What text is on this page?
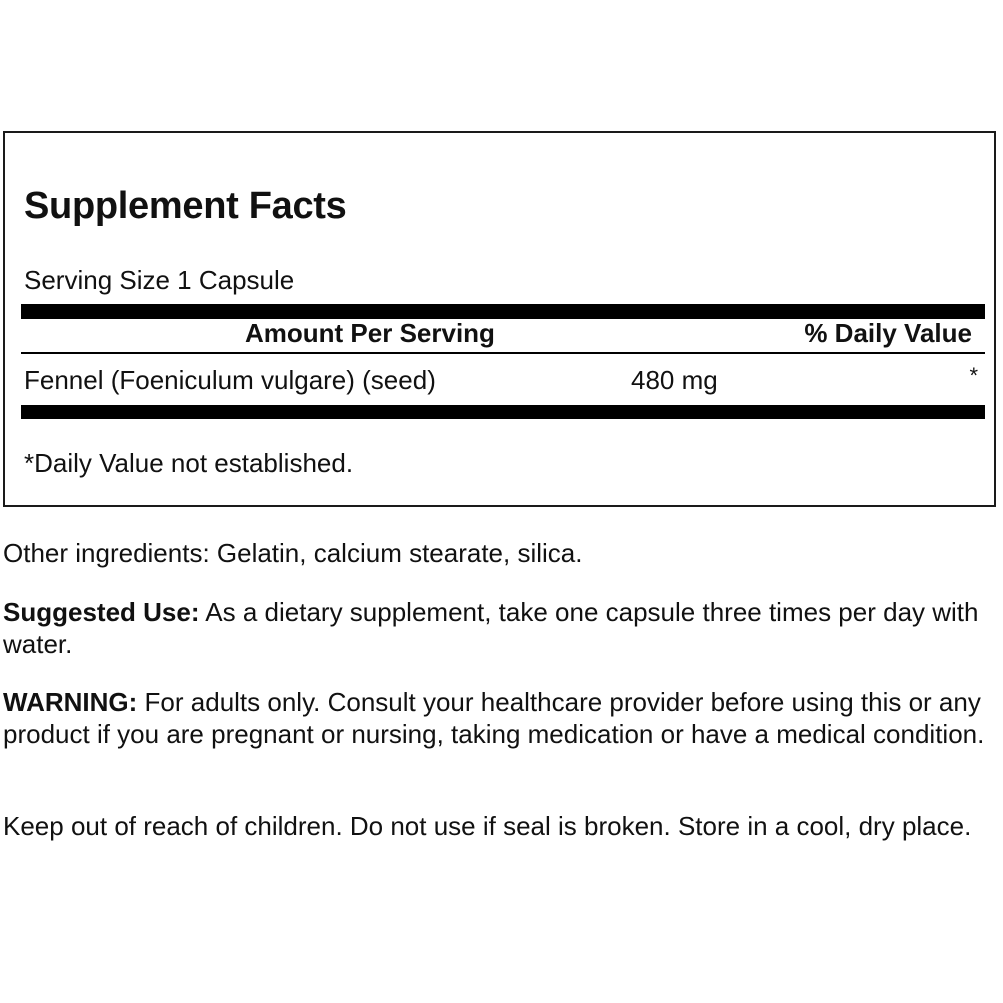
Supplement Facts
Serving Size 1 Capsule
Amount Per Serving	% Daily Value
Fennel (Foeniculum vulgare) (seed)	480 mg	*
*Daily Value not established.

Other ingredients: Gelatin, calcium stearate, silica.

Suggested Use: As a dietary supplement, take one capsule three times per day with water.

WARNING: For adults only. Consult your healthcare provider before using this or any product if you are pregnant or nursing, taking medication or have a medical condition.

Keep out of reach of children. Do not use if seal is broken. Store in a cool, dry place.
